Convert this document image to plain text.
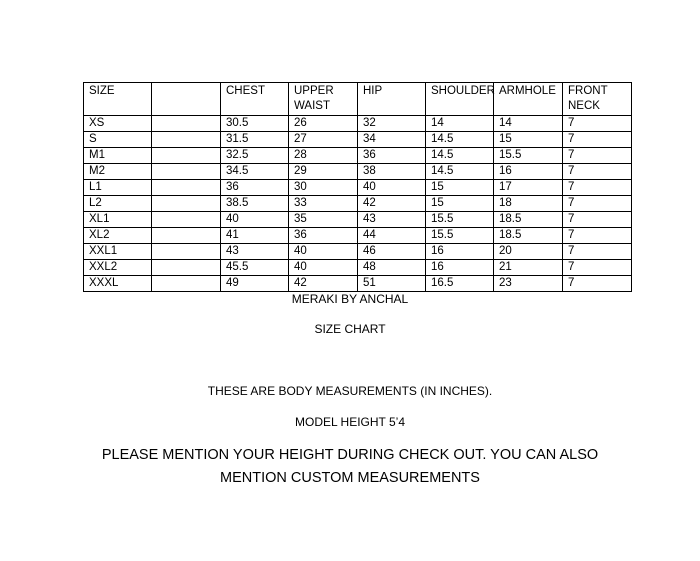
SIZE		CHEST	UPPER WAIST	HIP	SHOULDER	ARMHOLE	FRONT NECK
XS		30.5	26	32	14	14	7
S		31.5	27	34	14.5	15	7
M1		32.5	28	36	14.5	15.5	7
M2		34.5	29	38	14.5	16	7
L1		36	30	40	15	17	7
L2		38.5	33	42	15	18	7
XL1		40	35	43	15.5	18.5	7
XL2		41	36	44	15.5	18.5	7
XXL1		43	40	46	16	20	7
XXL2		45.5	40	48	16	21	7
XXXL		49	42	51	16.5	23	7
MERAKI BY ANCHAL
SIZE CHART
THESE ARE BODY MEASUREMENTS (IN INCHES).
MODEL HEIGHT 5’4
PLEASE MENTION YOUR HEIGHT DURING CHECK OUT. YOU CAN ALSO MENTION CUSTOM MEASUREMENTS
